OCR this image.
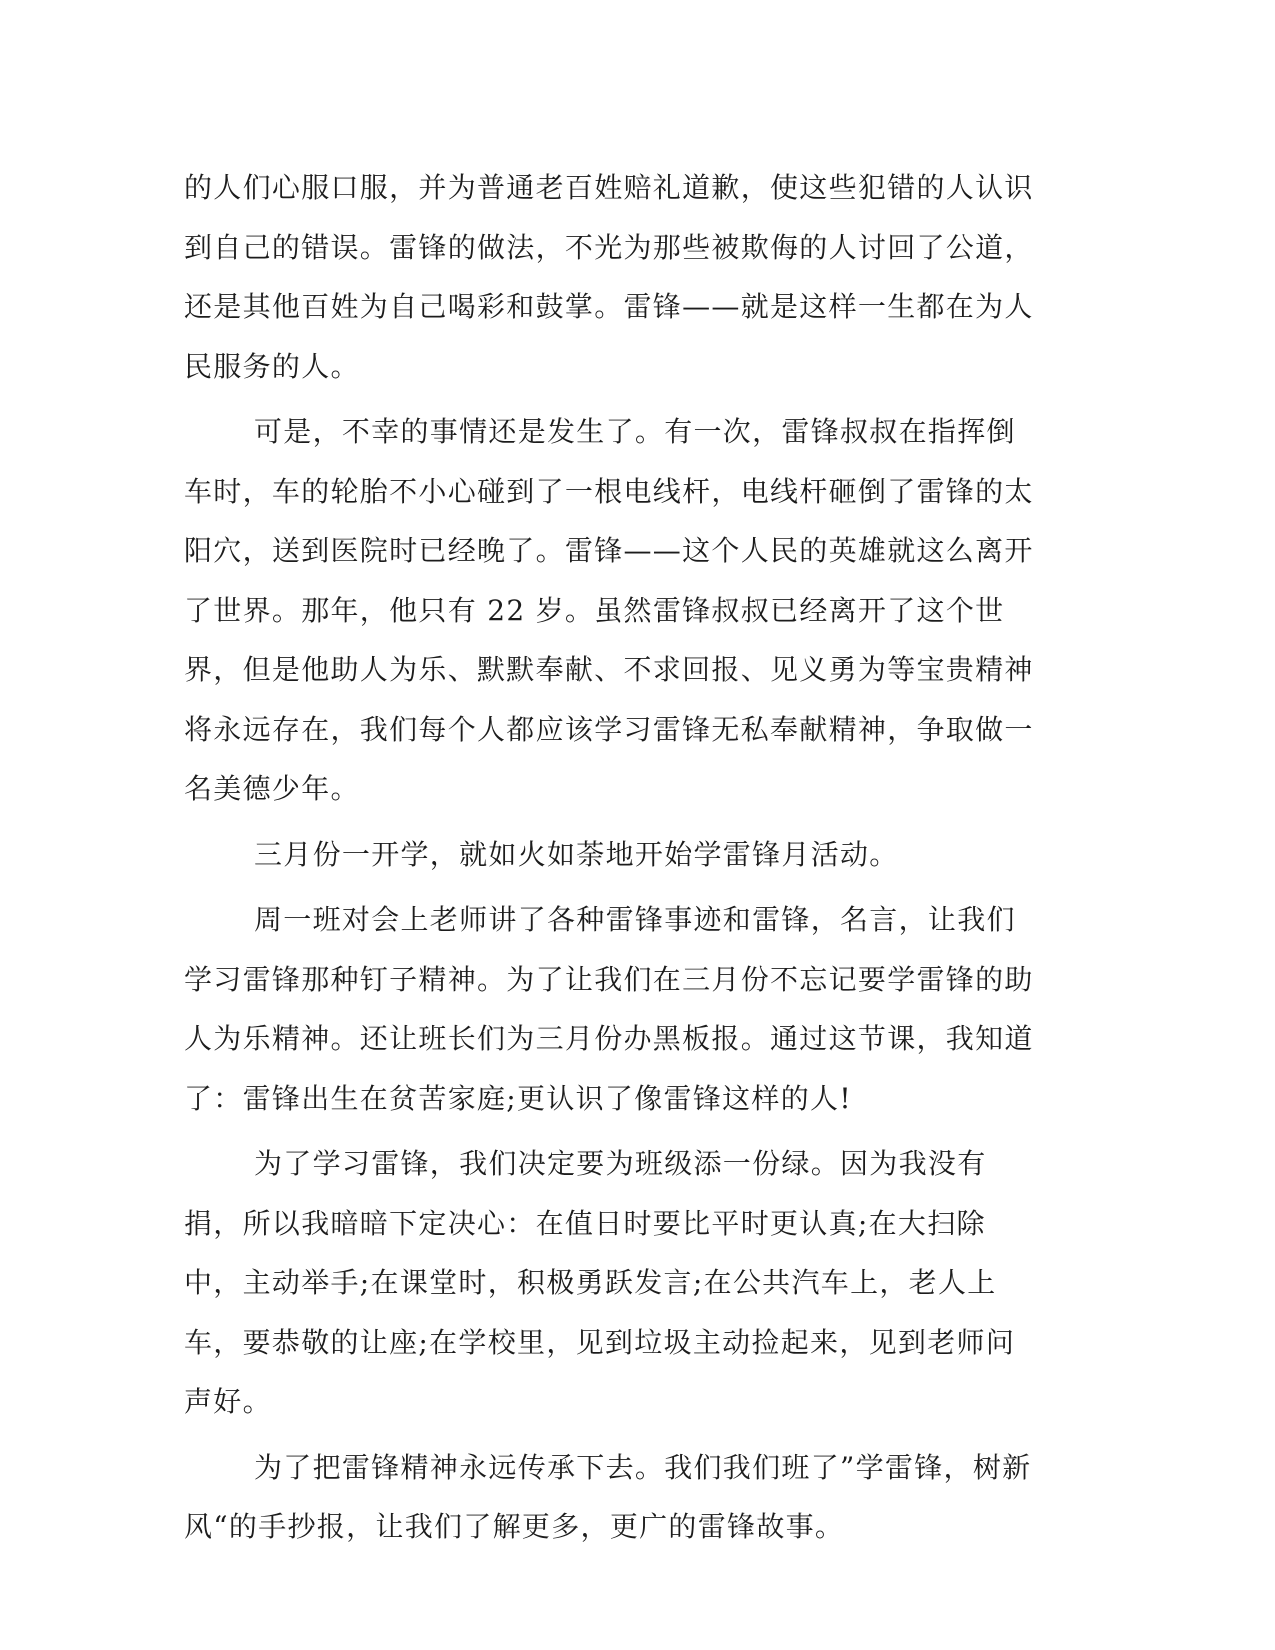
的人们心服口服，并为普通老百姓赔礼道歉，使这些犯错的人认识到自己的错误。雷锋的做法，不光为那些被欺侮的人讨回了公道，还是其他百姓为自己喝彩和鼓掌。雷锋——就是这样一生都在为人民服务的人。

可是，不幸的事情还是发生了。有一次，雷锋叔叔在指挥倒车时，车的轮胎不小心碰到了一根电线杆，电线杆砸倒了雷锋的太阳穴，送到医院时已经晚了。雷锋——这个人民的英雄就这么离开了世界。那年，他只有 22 岁。虽然雷锋叔叔已经离开了这个世界，但是他助人为乐、默默奉献、不求回报、见义勇为等宝贵精神将永远存在，我们每个人都应该学习雷锋无私奉献精神，争取做一名美德少年。

三月份一开学，就如火如荼地开始学雷锋月活动。

周一班对会上老师讲了各种雷锋事迹和雷锋，名言，让我们学习雷锋那种钉子精神。为了让我们在三月份不忘记要学雷锋的助人为乐精神。还让班长们为三月份办黑板报。通过这节课，我知道了：雷锋出生在贫苦家庭;更认识了像雷锋这样的人!

为了学习雷锋，我们决定要为班级添一份绿。因为我没有捐，所以我暗暗下定决心：在值日时要比平时更认真;在大扫除中，主动举手;在课堂时，积极勇跃发言;在公共汽车上，老人上车，要恭敬的让座;在学校里，见到垃圾主动捡起来，见到老师问声好。

为了把雷锋精神永远传承下去。我们我们班了”学雷锋，树新风“的手抄报，让我们了解更多，更广的雷锋故事。
